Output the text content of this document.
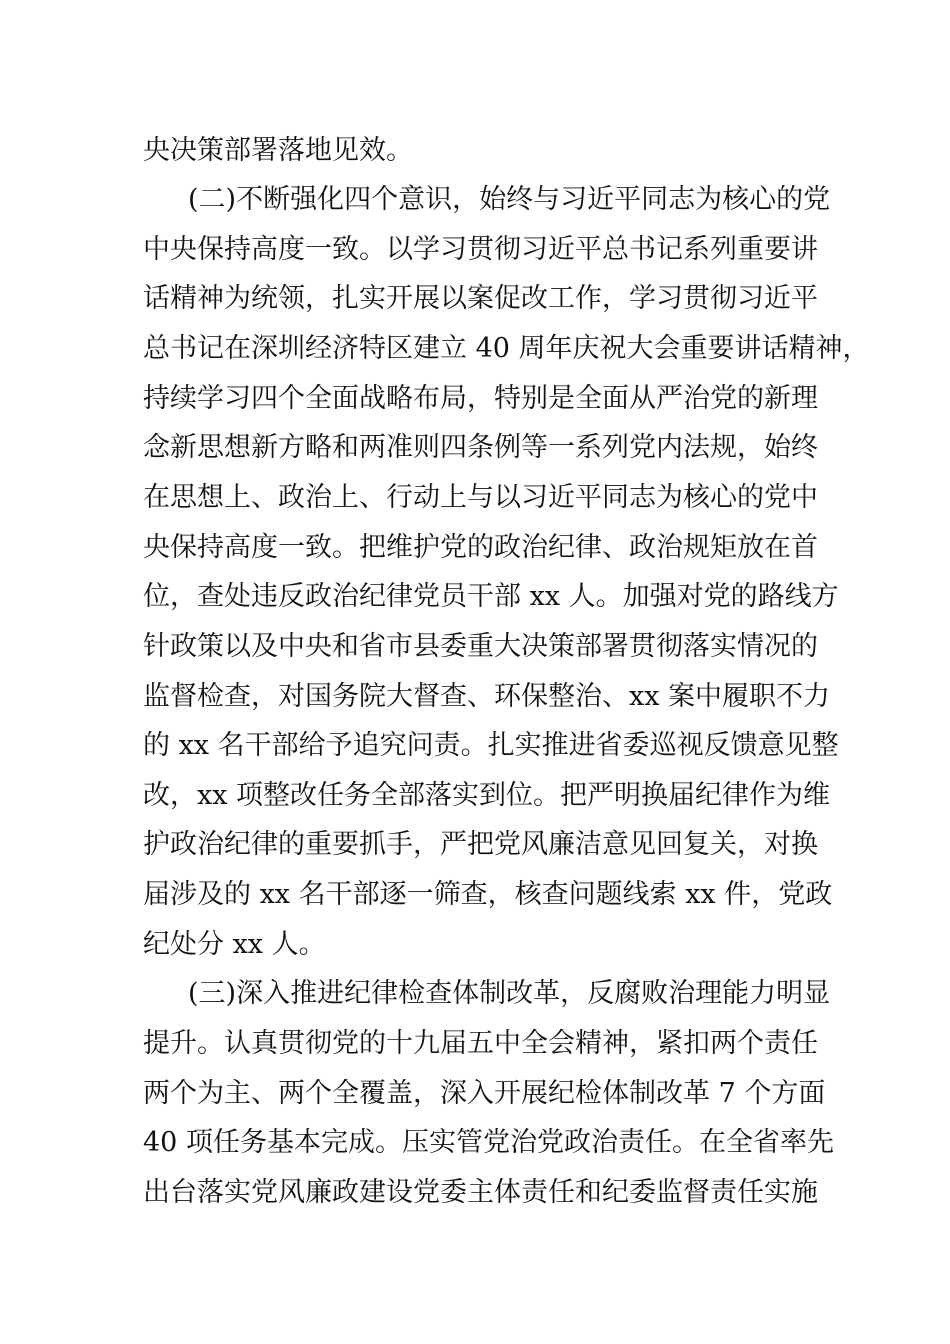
央决策部署落地见效。
(二)不断强化四个意识，始终与习近平同志为核心的党
中央保持高度一致。以学习贯彻习近平总书记系列重要讲
话精神为统领，扎实开展以案促改工作，学习贯彻习近平
总书记在深圳经济特区建立 40 周年庆祝大会重要讲话精神，
持续学习四个全面战略布局，特别是全面从严治党的新理
念新思想新方略和两准则四条例等一系列党内法规，始终
在思想上、政治上、行动上与以习近平同志为核心的党中
央保持高度一致。把维护党的政治纪律、政治规矩放在首
位，查处违反政治纪律党员干部 xx 人。加强对党的路线方
针政策以及中央和省市县委重大决策部署贯彻落实情况的
监督检查，对国务院大督查、环保整治、xx 案中履职不力
的 xx 名干部给予追究问责。扎实推进省委巡视反馈意见整
改，xx 项整改任务全部落实到位。把严明换届纪律作为维
护政治纪律的重要抓手，严把党风廉洁意见回复关，对换
届涉及的 xx 名干部逐一筛查，核查问题线索 xx 件，党政
纪处分 xx 人。
(三)深入推进纪律检查体制改革，反腐败治理能力明显
提升。认真贯彻党的十九届五中全会精神，紧扣两个责任
两个为主、两个全覆盖，深入开展纪检体制改革 7 个方面
40 项任务基本完成。压实管党治党政治责任。在全省率先
出台落实党风廉政建设党委主体责任和纪委监督责任实施
